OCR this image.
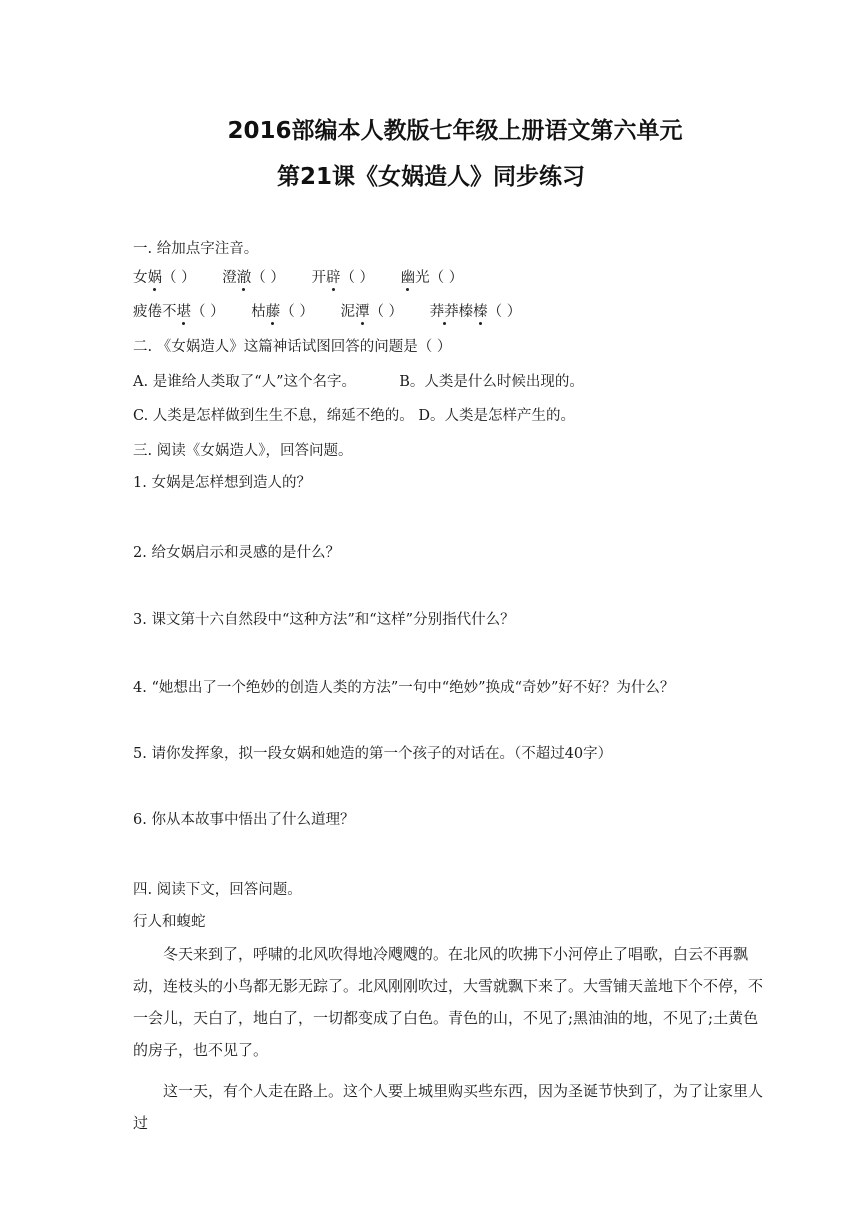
2016部编本人教版七年级上册语文第六单元
第21课《女娲造人》同步练习
一. 给加点字注音。
女娲（ ） 澄澈（ ） 开辟（ ） 幽光（ ）
疲倦不堪（ ） 枯藤（ ） 泥潭（ ） 莽莽榛榛（ ）
二. 《女娲造人》这篇神话试图回答的问题是（ ）
A. 是谁给人类取了“人”这个名字。	B。人类是什么时候出现的。
C. 人类是怎样做到生生不息，绵延不绝的。 D。人类是怎样产生的。
三. 阅读《女娲造人》，回答问题。
1. 女娲是怎样想到造人的？
2. 给女娲启示和灵感的是什么？
3. 课文第十六自然段中“这种方法”和“这样”分别指代什么？
4. “她想出了一个绝妙的创造人类的方法”一句中“绝妙”换成“奇妙”好不好？为什么？
5. 请你发挥象，拟一段女娲和她造的第一个孩子的对话在。（不超过40字）
6. 你从本故事中悟出了什么道理？
四. 阅读下文，回答问题。
行人和蝮蛇
冬天来到了，呼啸的北风吹得地冷飕飕的。在北风的吹拂下小河停止了唱歌，白云不再飘动，连枝头的小鸟都无影无踪了。北风刚刚吹过，大雪就飘下来了。大雪铺天盖地下个不停，不一会儿，天白了，地白了，一切都变成了白色。青色的山，不见了;黑油油的地，不见了;土黄色的房子，也不见了。
这一天，有个人走在路上。这个人要上城里购买些东西，因为圣诞节快到了，为了让家里人过
